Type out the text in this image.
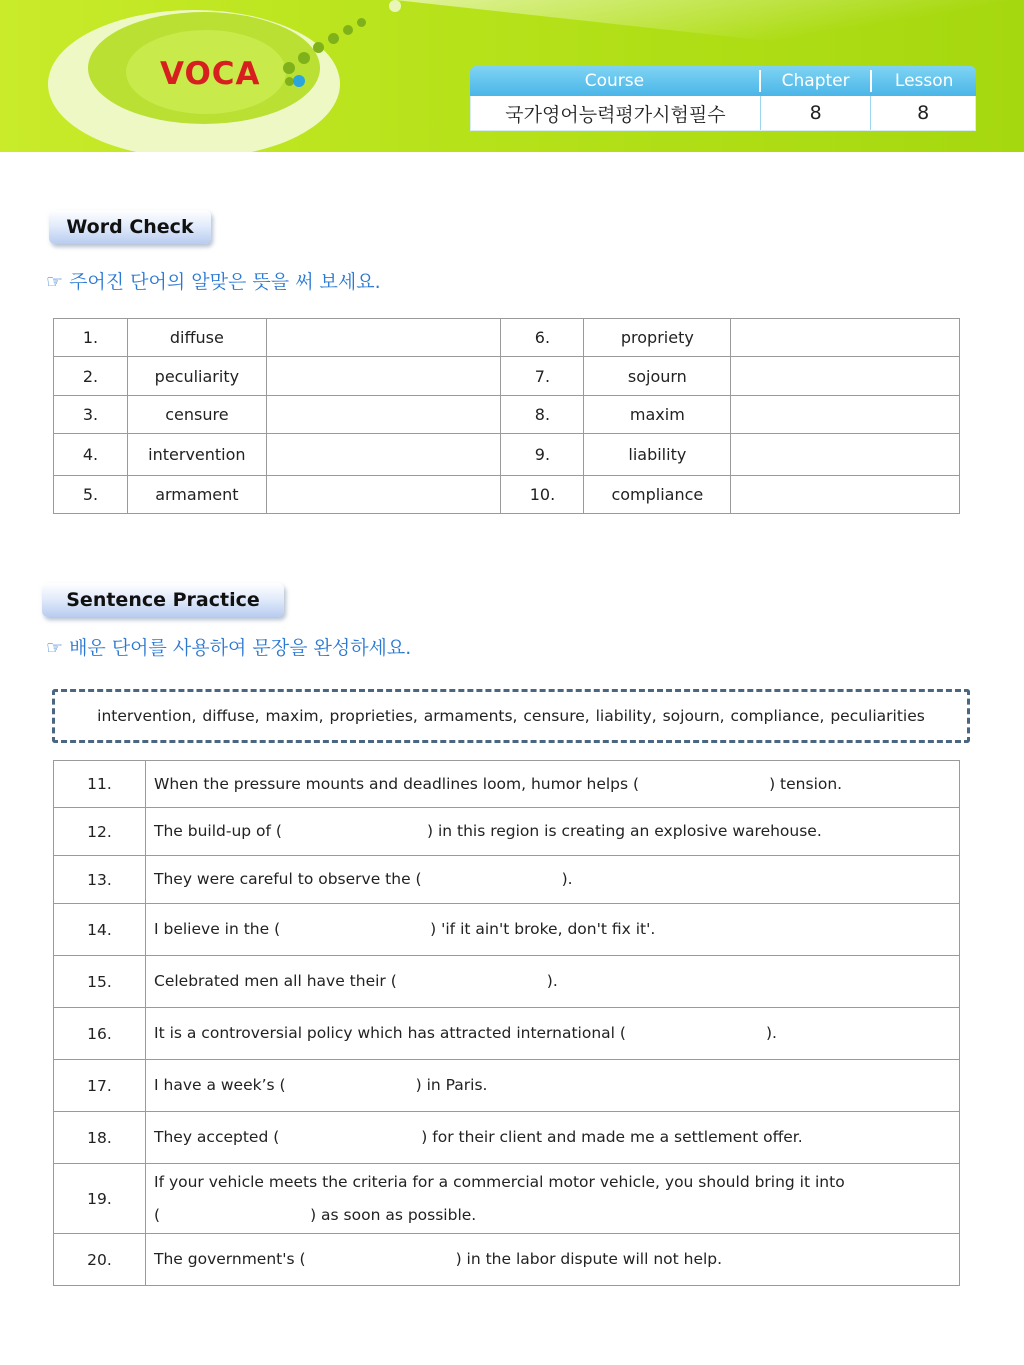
VOCA	Course	Chapter	Lesson
국가영어능력평가시험필수	8	8
Word Check
☞ 주어진 단어의 알맞은 뜻을 써 보세요.
1.	diffuse		6.	propriety	
2.	peculiarity		7.	sojourn	
3.	censure		8.	maxim	
4.	intervention		9.	liability	
5.	armament		10.	compliance	
Sentence Practice
☞ 배운 단어를 사용하여 문장을 완성하세요.
intervention, diffuse, maxim, proprieties, armaments, censure, liability, sojourn, compliance, peculiarities
11.	When the pressure mounts and deadlines loom, humor helps ( ) tension.

12.	The build-up of ( ) in this region is creating an explosive warehouse.

13.	They were careful to observe the ( ).

14.	I believe in the ( ) 'if it ain't broke, don't fix it'.

15.	Celebrated men all have their ( ).

16.	It is a controversial policy which has attracted international ( ).

17.	I have a week’s ( ) in Paris.

18.	They accepted ( ) for their client and made me a settlement offer.

19.	If your vehicle meets the criteria for a commercial motor vehicle, you should bring it into
( ) as soon as possible.

20.	The government's ( ) in the labor dispute will not help.
